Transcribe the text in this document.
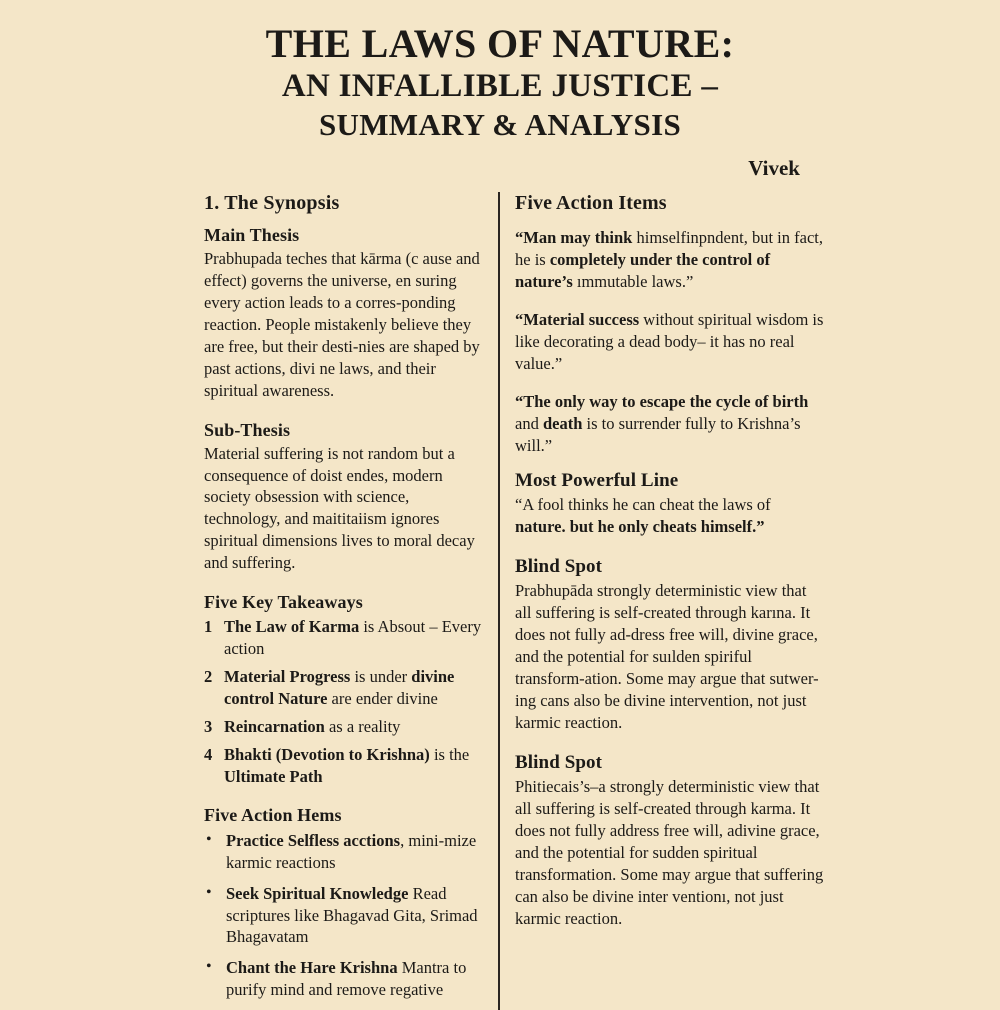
THE LAWS OF NATURE:
AN INFALLIBLE JUSTICE –
SUMMARY & ANALYSIS
Vivek
1. The Synopsis
Main Thesis

Prabhupada teches that kārma (c ause and effect) governs the universe, en suring every action leads to a corres-ponding reaction. People mistakenly believe they are free, but their desti-nies are shaped by past actions, divi ne laws, and their spiritual awareness.

Sub-Thesis

Material suffering is not random but a consequence of doist endes, modern society obsession with science, technology, and maititaiism ignores spiritual dimensions lives to moral decay and suffering.

Five Key Takeaways
1 The Law of Karma is Absout – Every action
2 Material Progress is under divine control Nature are ender divine
3 Reincarnation as a reality
4 Bhakti (Devotion to Krishna) is the Ultimate Path
Five Action Hems
• Practice Selfless acctions, mini-mize karmic reactions
• Seek Spiritual Knowledge Read scriptures like Bhagavad Gita, Srimad Bhagavatam
• Chant the Hare Krishna Mantra to purify mind and remove regative
Five Action Items

“Man may think himselfinpndent, but in fact, he is completely under the control of nature’s ımmutable laws.”

“Material success without spiritual wisdom is like decorating a dead body– it has no real value.”

“The only way to escape the cycle of birth and death is to surrender fully to Krishna’s will.”

Most Powerful Line

“A fool thinks he can cheat the laws of nature. but he only cheats himself.”

Blind Spot

Prabhupāda strongly deterministic view that all suffering is self-created through karına. It does not fully ad-dress free will, divine grace, and the potential for suılden spiriful transform-ation. Some may argue that sutwer-ing cans also be divine intervention, not just karmic reaction.

Blind Spot

Phitiecais’s–a strongly deterministic view that all suffering is self-created through karma. It does not fully address free will, adivine grace, and the potential for sudden spiritual transformation. Some may argue that suffering can also be divine inter ventionı, not just karmic reaction.
